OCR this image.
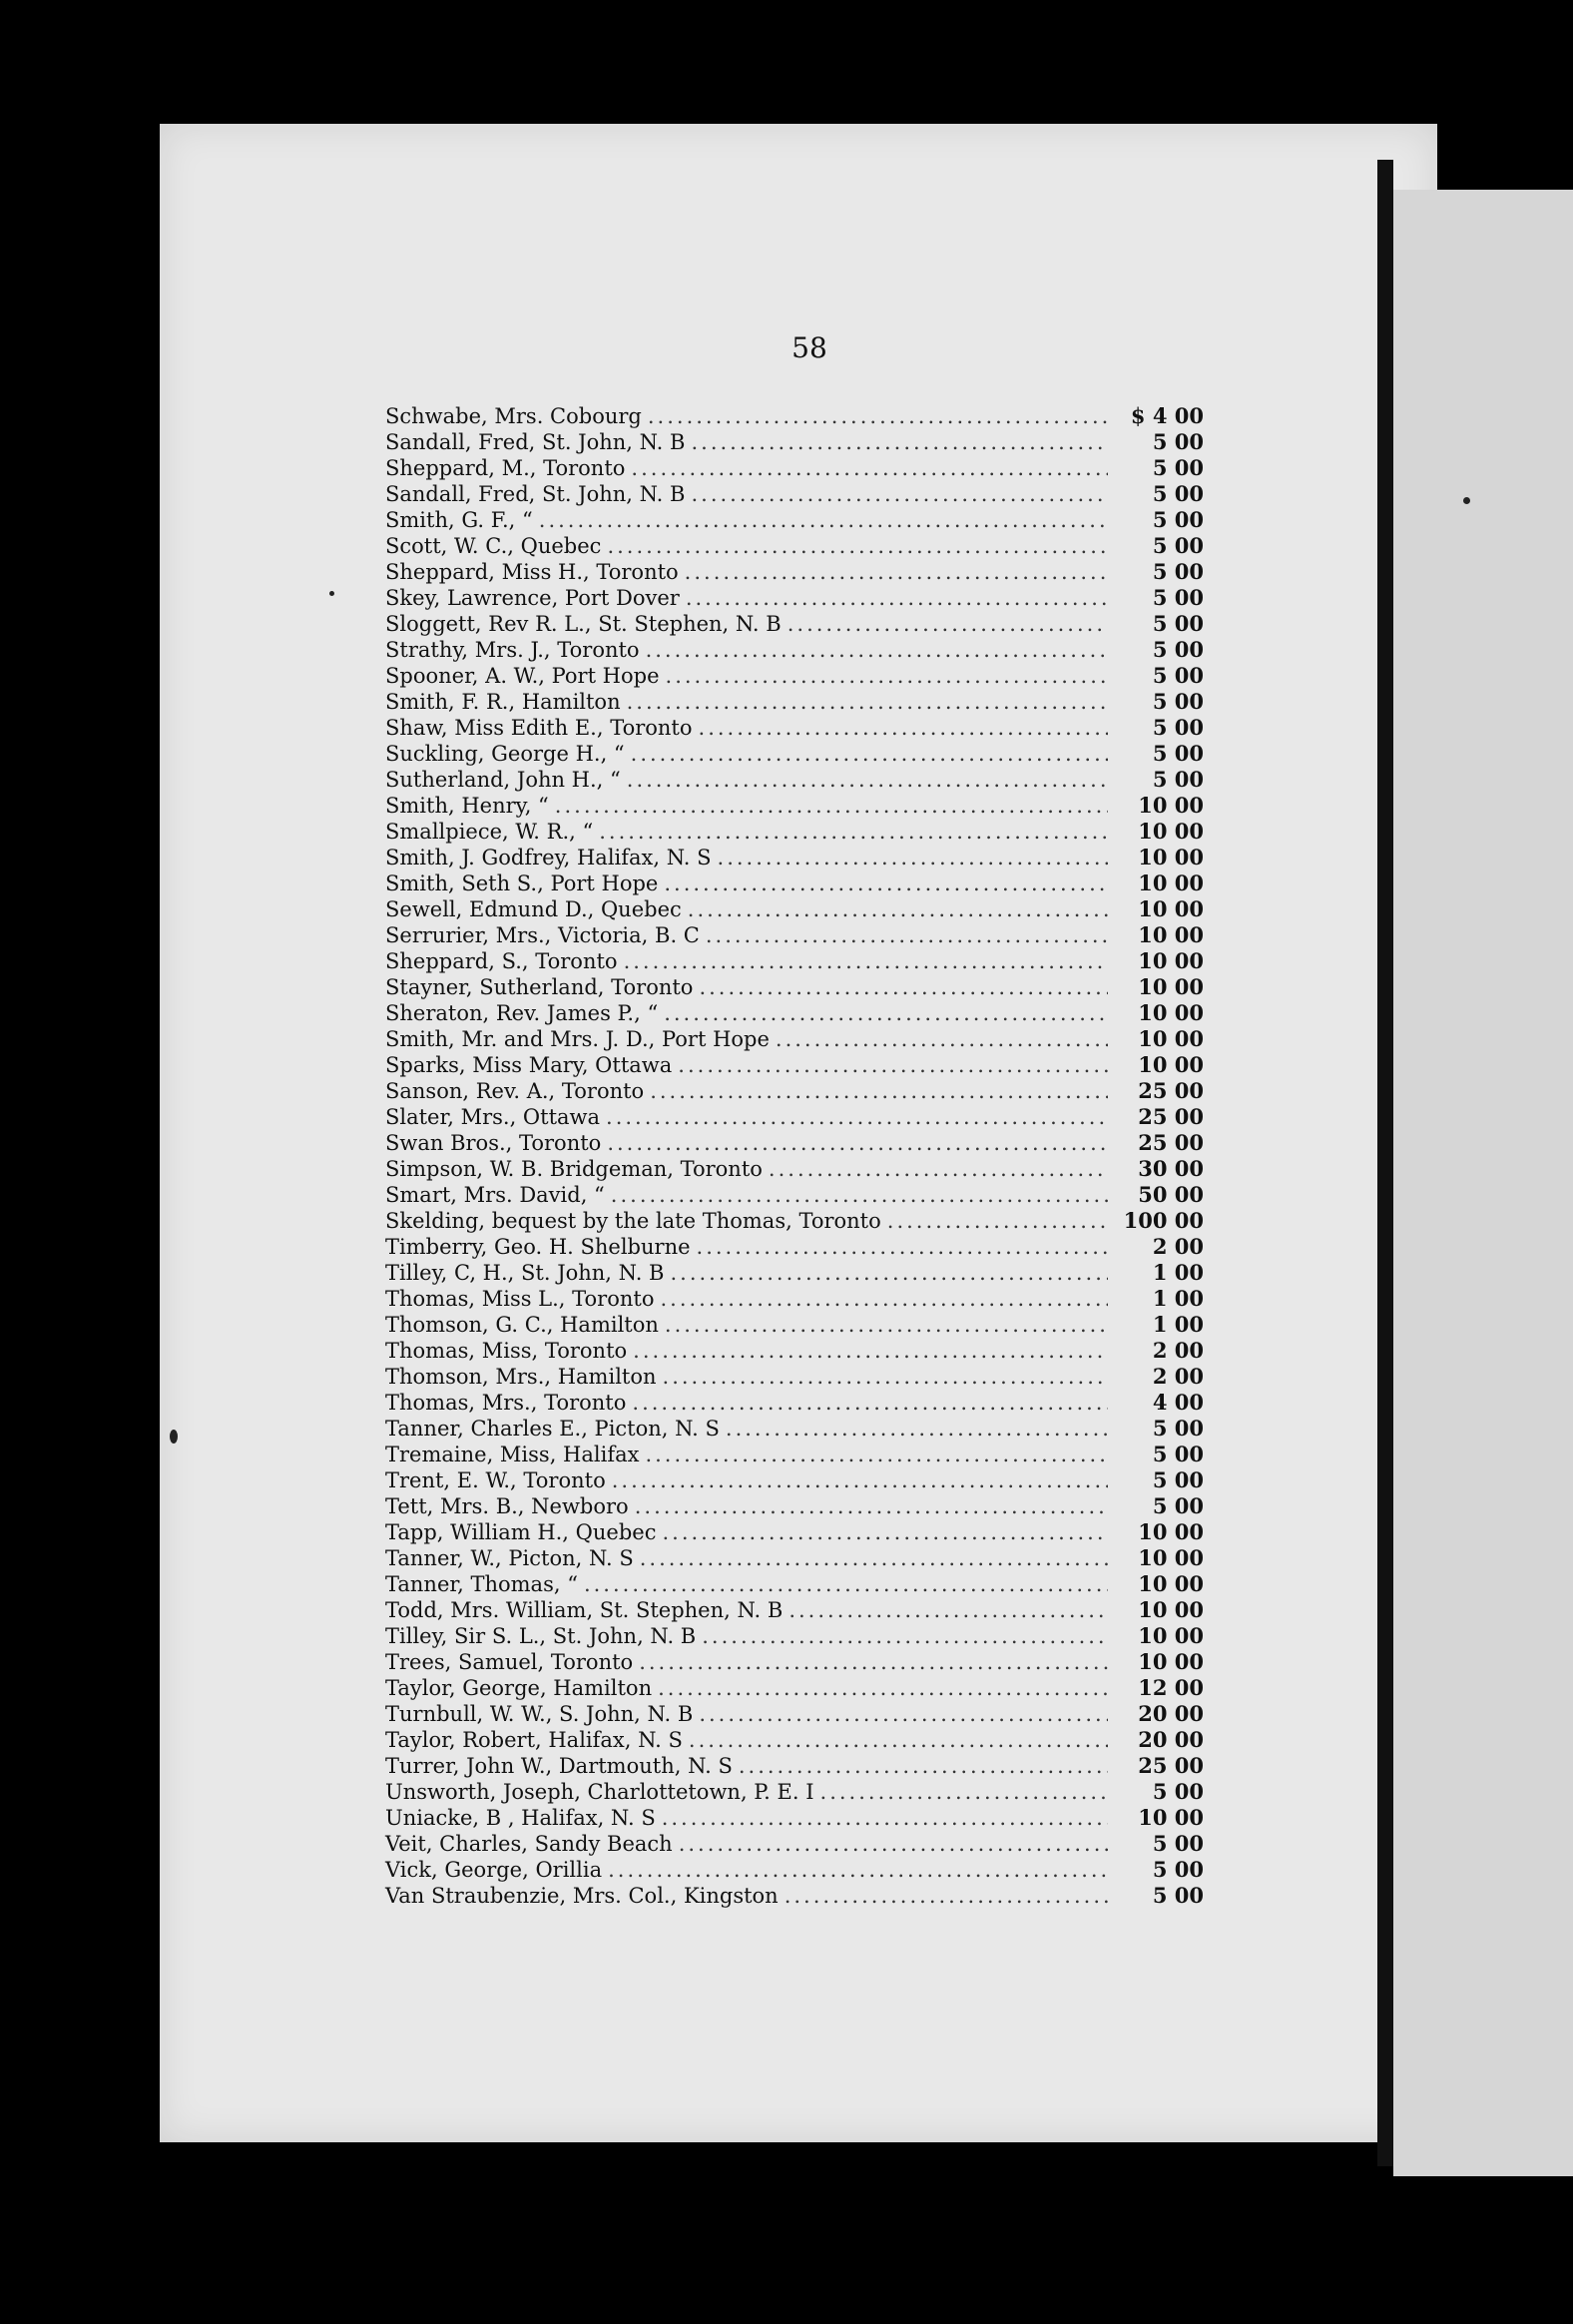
58
Schwabe, Mrs. Cobourg .....	$ 4 00
Sandall, Fred, St. John, N. B .....	5 00
Sheppard, M., Toronto .....	5 00
Sandall, Fred, St. John, N. B .....	5 00
Smith, G. F., “ .....	5 00
Scott, W. C., Quebec .....	5 00
Sheppard, Miss H., Toronto .....	5 00
Skey, Lawrence, Port Dover .....	5 00
Sloggett, Rev R. L., St. Stephen, N. B .....	5 00
Strathy, Mrs. J., Toronto .....	5 00
Spooner, A. W., Port Hope .....	5 00
Smith, F. R., Hamilton .....	5 00
Shaw, Miss Edith E., Toronto .....	5 00
Suckling, George H., “ .....	5 00
Sutherland, John H., “ .....	5 00
Smith, Henry, “ .....	10 00
Smallpiece, W. R., “ .....	10 00
Smith, J. Godfrey, Halifax, N. S .....	10 00
Smith, Seth S., Port Hope .....	10 00
Sewell, Edmund D., Quebec .....	10 00
Serrurier, Mrs., Victoria, B. C .....	10 00
Sheppard, S., Toronto .....	10 00
Stayner, Sutherland, Toronto .....	10 00
Sheraton, Rev. James P., “ .....	10 00
Smith, Mr. and Mrs. J. D., Port Hope .....	10 00
Sparks, Miss Mary, Ottawa .....	10 00
Sanson, Rev. A., Toronto .....	25 00
Slater, Mrs., Ottawa .....	25 00
Swan Bros., Toronto .....	25 00
Simpson, W. B. Bridgeman, Toronto .....	30 00
Smart, Mrs. David, “ .....	50 00
Skelding, bequest by the late Thomas, Toronto .....	100 00
Timberry, Geo. H. Shelburne .....	2 00
Tilley, C, H., St. John, N. B .....	1 00
Thomas, Miss L., Toronto .....	1 00
Thomson, G. C., Hamilton .....	1 00
Thomas, Miss, Toronto .....	2 00
Thomson, Mrs., Hamilton .....	2 00
Thomas, Mrs., Toronto .....	4 00
Tanner, Charles E., Picton, N. S .....	5 00
Tremaine, Miss, Halifax .....	5 00
Trent, E. W., Toronto .....	5 00
Tett, Mrs. B., Newboro .....	5 00
Tapp, William H., Quebec .....	10 00
Tanner, W., Picton, N. S .....	10 00
Tanner, Thomas, “ .....	10 00
Todd, Mrs. William, St. Stephen, N. B .....	10 00
Tilley, Sir S. L., St. John, N. B .....	10 00
Trees, Samuel, Toronto .....	10 00
Taylor, George, Hamilton .....	12 00
Turnbull, W. W., S. John, N. B .....	20 00
Taylor, Robert, Halifax, N. S .....	20 00
Turrer, John W., Dartmouth, N. S .....	25 00
Unsworth, Joseph, Charlottetown, P. E. I .....	5 00
Uniacke, B , Halifax, N. S .....	10 00
Veit, Charles, Sandy Beach .....	5 00
Vick, George, Orillia .....	5 00
Van Straubenzie, Mrs. Col., Kingston .....	5 00
